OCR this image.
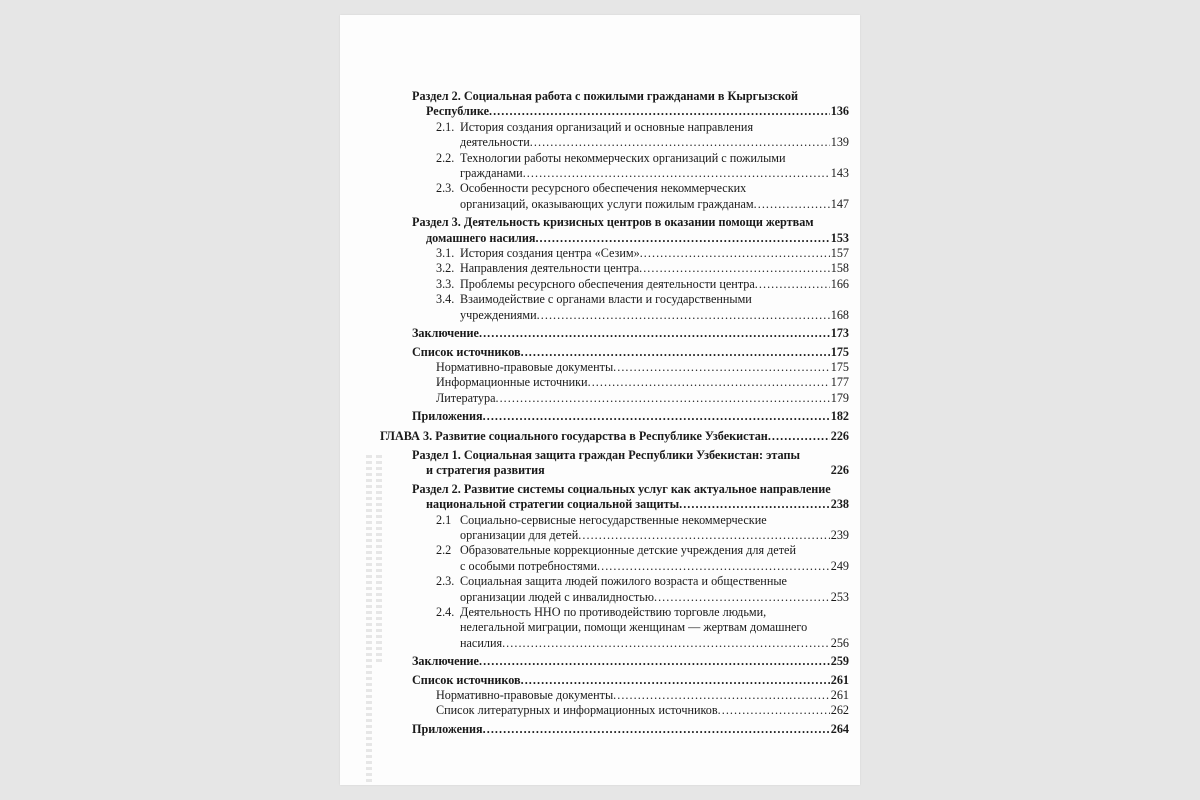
Раздел 2. Социальная работа с пожилыми гражданами в Кыргызской
Республике . . .	136
2.1. История создания организаций и основные направления
деятельности . . .	139
2.2. Технологии работы некоммерческих организаций с пожилыми
гражданами . . .	143
2.3. Особенности ресурсного обеспечения некоммерческих
организаций, оказывающих услуги пожилым гражданам . . .	147
Раздел 3. Деятельность кризисных центров в оказании помощи жертвам
домашнего насилия . . .	153
3.1. История создания центра «Сезим» . . .	157
3.2. Направления деятельности центра . . .	158
3.3. Проблемы ресурсного обеспечения деятельности центра . . .	166
3.4. Взаимодействие с органами власти и государственными
учреждениями . . .	168
Заключение . . .	173
Список источников . . .	175
Нормативно-правовые документы . . .	175
Информационные источники . . .	177
Литература . . .	179
Приложения . . .	182
ГЛАВА 3. Развитие социального государства в Республике Узбекистан . . .	226
Раздел 1. Социальная защита граждан Республики Узбекистан: этапы
и стратегия развития	226
Раздел 2. Развитие системы социальных услуг как актуальное направление
национальной стратегии социальной защиты . . .	238
2.1 Социально-сервисные негосударственные некоммерческие
организации для детей . . .	239
2.2 Образовательные коррекционные детские учреждения для детей
с особыми потребностями . . .	249
2.3. Социальная защита людей пожилого возраста и общественные
организации людей с инвалидностью . . .	253
2.4. Деятельность ННО по противодействию торговле людьми,
нелегальной миграции, помощи женщинам — жертвам домашнего
насилия . . .	256
Заключение . . .	259
Список источников . . .	261
Нормативно-правовые документы . . .	261
Список литературных и информационных источников . . .	262
Приложения . . .	264
